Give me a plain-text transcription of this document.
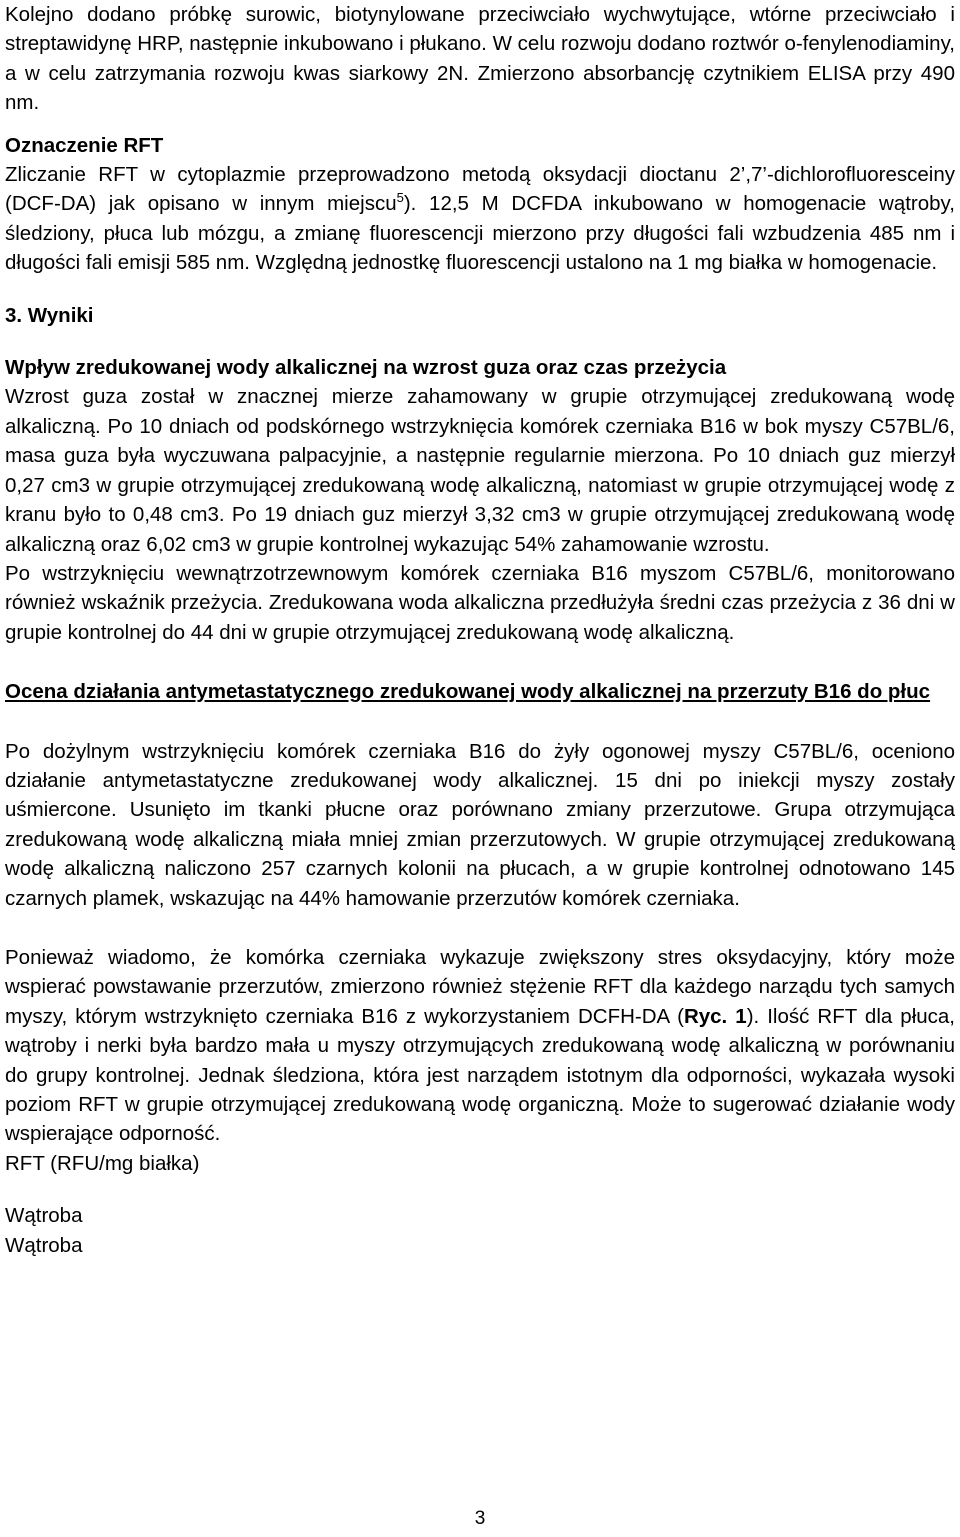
Kolejno dodano próbkę surowic, biotynylowane przeciwciało wychwytujące, wtórne przeciwciało i streptawidynę HRP, następnie inkubowano i płukano. W celu rozwoju dodano roztwór o-fenylenodiaminy, a w celu zatrzymania rozwoju kwas siarkowy 2N. Zmierzono absorbancję czytnikiem ELISA przy 490 nm.

Oznaczenie RFT

Zliczanie RFT w cytoplazmie przeprowadzono metodą oksydacji dioctanu 2’,7’-dichlorofluoresceiny (DCF-DA) jak opisano w innym miejscu$^5$). 12,5 M DCFDA inkubowano w homogenacie wątroby, śledziony, płuca lub mózgu, a zmianę fluorescencji mierzono przy długości fali wzbudzenia 485 nm i długości fali emisji 585 nm. Względną jednostkę fluorescencji ustalono na 1 mg białka w homogenacie.

3. Wyniki

Wpływ zredukowanej wody alkalicznej na wzrost guza oraz czas przeżycia

Wzrost guza został w znacznej mierze zahamowany w grupie otrzymującej zredukowaną wodę alkaliczną. Po 10 dniach od podskórnego wstrzyknięcia komórek czerniaka B16 w bok myszy C57BL/6, masa guza była wyczuwana palpacyjnie, a następnie regularnie mierzona. Po 10 dniach guz mierzył 0,27 cm3 w grupie otrzymującej zredukowaną wodę alkaliczną, natomiast w grupie otrzymującej wodę z kranu było to 0,48 cm3. Po 19 dniach guz mierzył 3,32 cm3 w grupie otrzymującej zredukowaną wodę alkaliczną oraz 6,02 cm3 w grupie kontrolnej wykazując 54% zahamowanie wzrostu.

Po wstrzyknięciu wewnątrzotrzewnowym komórek czerniaka B16 myszom C57BL/6, monitorowano również wskaźnik przeżycia. Zredukowana woda alkaliczna przedłużyła średni czas przeżycia z 36 dni w grupie kontrolnej do 44 dni w grupie otrzymującej zredukowaną wodę alkaliczną.

Ocena działania antymetastatycznego zredukowanej wody alkalicznej na przerzuty B16 do płuc

Po dożylnym wstrzyknięciu komórek czerniaka B16 do żyły ogonowej myszy C57BL/6, oceniono działanie antymetastatyczne zredukowanej wody alkalicznej. 15 dni po iniekcji myszy zostały uśmiercone. Usunięto im tkanki płucne oraz porównano zmiany przerzutowe. Grupa otrzymująca zredukowaną wodę alkaliczną miała mniej zmian przerzutowych. W grupie otrzymującej zredukowaną wodę alkaliczną naliczono 257 czarnych kolonii na płucach, a w grupie kontrolnej odnotowano 145 czarnych plamek, wskazując na 44% hamowanie przerzutów komórek czerniaka.

Ponieważ wiadomo, że komórka czerniaka wykazuje zwiększony stres oksydacyjny, który może wspierać powstawanie przerzutów, zmierzono również stężenie RFT dla każdego narządu tych samych myszy, którym wstrzyknięto czerniaka B16 z wykorzystaniem DCFH-DA (Ryc. 1). Ilość RFT dla płuca, wątroby i nerki była bardzo mała u myszy otrzymujących zredukowaną wodę alkaliczną w porównaniu do grupy kontrolnej. Jednak śledziona, która jest narządem istotnym dla odporności, wykazała wysoki poziom RFT w grupie otrzymującej zredukowaną wodę organiczną. Może to sugerować działanie wody wspierające odporność.

RFT (RFU/mg białka)

Wątroba

Wątroba

3
